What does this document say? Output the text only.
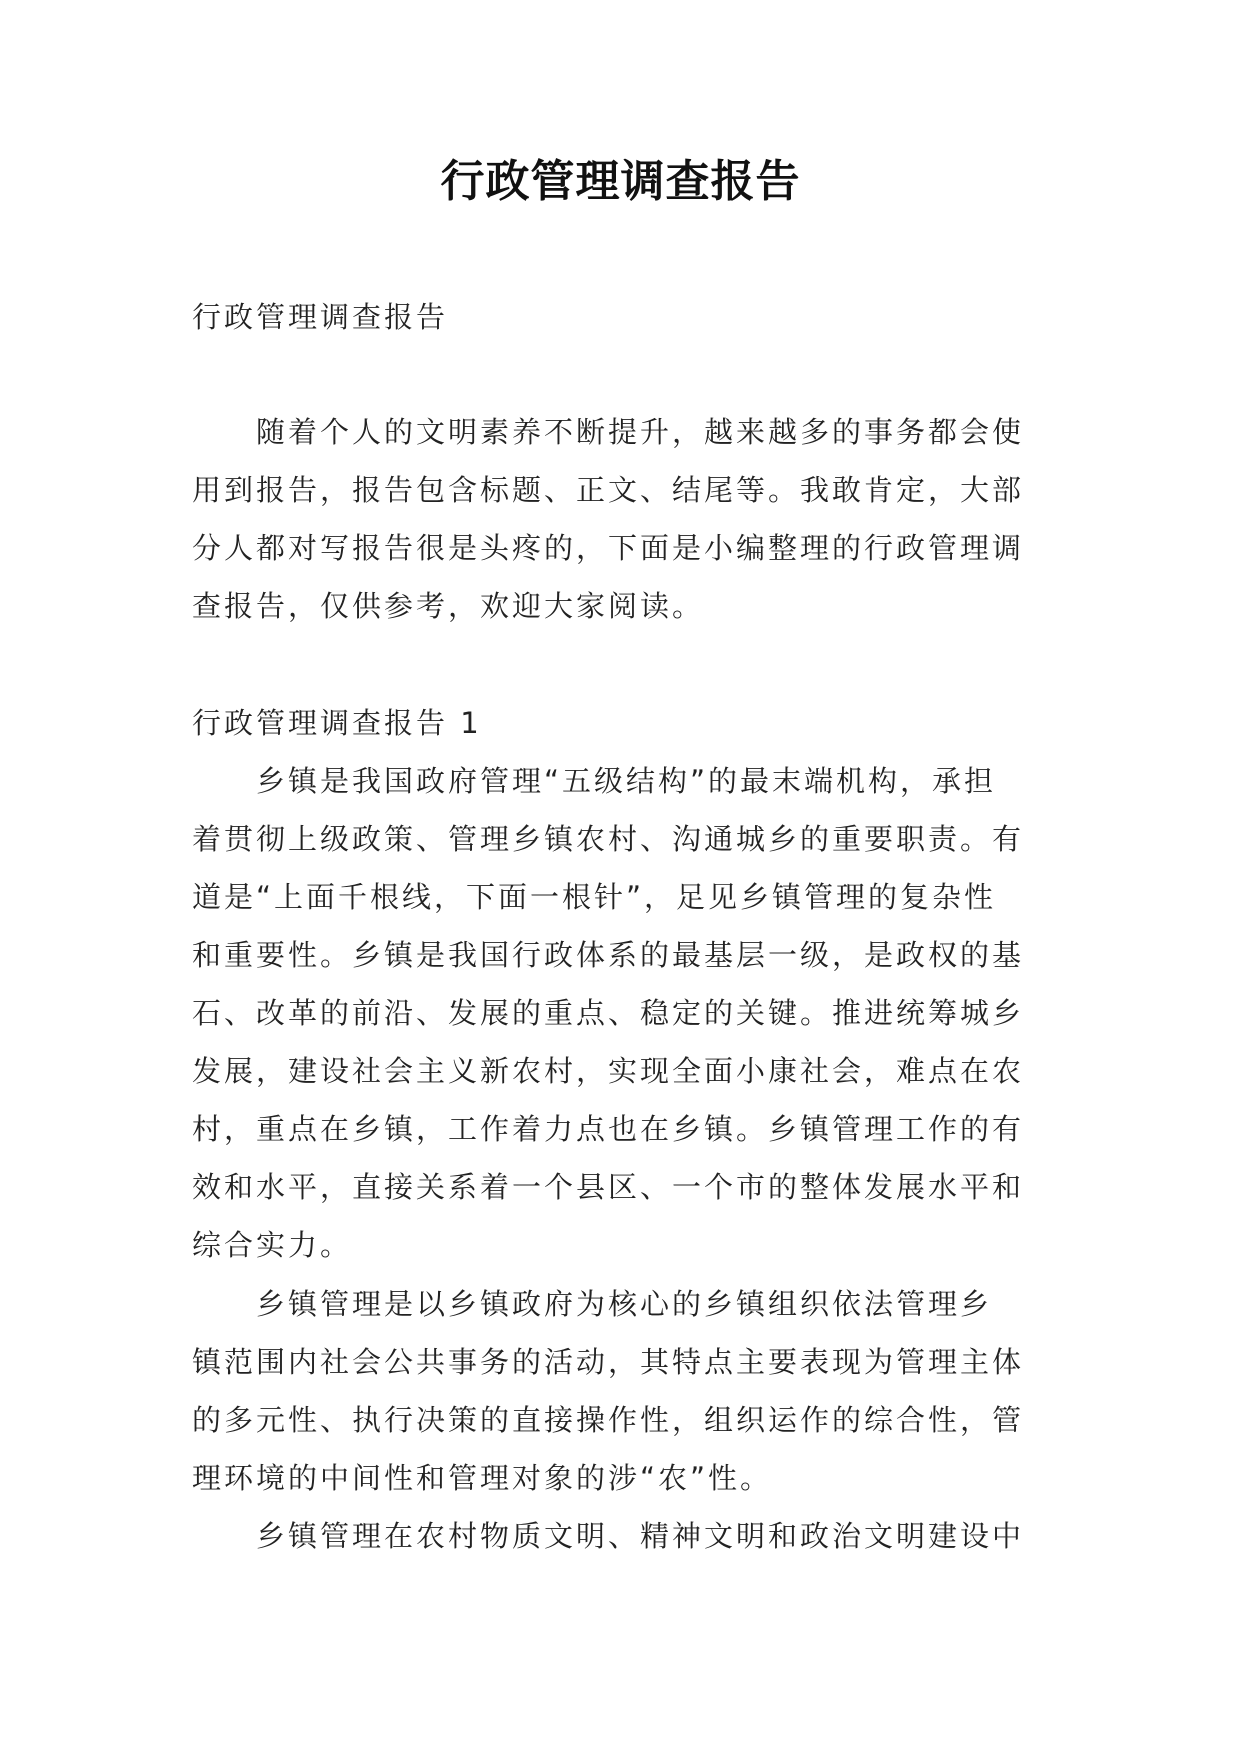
行政管理调查报告

行政管理调查报告

随着个人的文明素养不断提升，越来越多的事务都会使
用到报告，报告包含标题、正文、结尾等。我敢肯定，大部
分人都对写报告很是头疼的，下面是小编整理的行政管理调
查报告，仅供参考，欢迎大家阅读。

行政管理调查报告 1

乡镇是我国政府管理“五级结构”的最末端机构，承担
着贯彻上级政策、管理乡镇农村、沟通城乡的重要职责。有
道是“上面千根线，下面一根针”，足见乡镇管理的复杂性
和重要性。乡镇是我国行政体系的最基层一级，是政权的基
石、改革的前沿、发展的重点、稳定的关键。推进统筹城乡
发展，建设社会主义新农村，实现全面小康社会，难点在农
村，重点在乡镇，工作着力点也在乡镇。乡镇管理工作的有
效和水平，直接关系着一个县区、一个市的整体发展水平和
综合实力。
乡镇管理是以乡镇政府为核心的乡镇组织依法管理乡
镇范围内社会公共事务的活动，其特点主要表现为管理主体
的多元性、执行决策的直接操作性，组织运作的综合性，管
理环境的中间性和管理对象的涉“农”性。
乡镇管理在农村物质文明、精神文明和政治文明建设中
